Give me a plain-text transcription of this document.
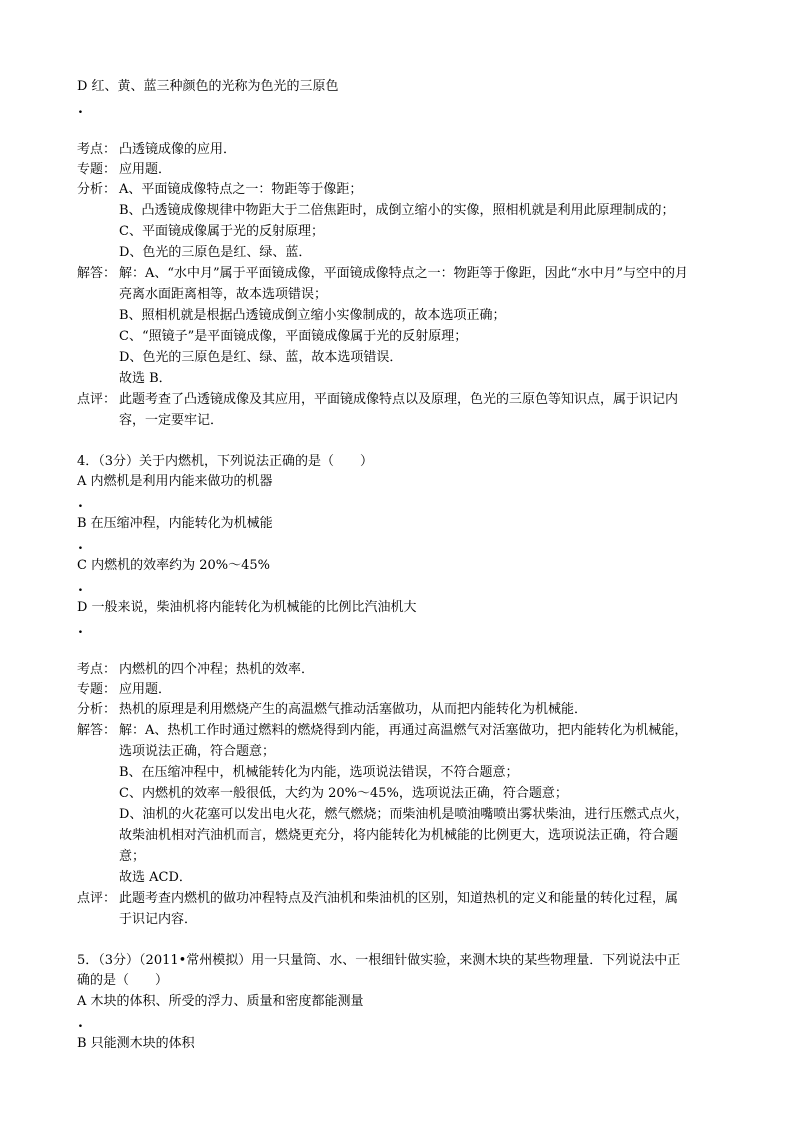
D 红、黄、蓝三种颜色的光称为色光的三原色
.
考点： 凸透镜成像的应用．
专题： 应用题．
分析： A、平面镜成像特点之一：物距等于像距；
B、凸透镜成像规律中物距大于二倍焦距时，成倒立缩小的实像，照相机就是利用此原理制成的；
C、平面镜成像属于光的反射原理；
D、色光的三原色是红、绿、蓝．
解答： 解：A、“水中月”属于平面镜成像，平面镜成像特点之一：物距等于像距，因此“水中月”与空中的月
亮离水面距离相等，故本选项错误；
B、照相机就是根据凸透镜成倒立缩小实像制成的，故本选项正确；
C、“照镜子”是平面镜成像，平面镜成像属于光的反射原理；
D、色光的三原色是红、绿、蓝，故本选项错误．
故选 B．
点评： 此题考查了凸透镜成像及其应用，平面镜成像特点以及原理，色光的三原色等知识点，属于识记内
容，一定要牢记．
4．（3分）关于内燃机，下列说法正确的是（　　）
A 内燃机是利用内能来做功的机器
.
B 在压缩冲程，内能转化为机械能
.
C 内燃机的效率约为 20%～45%
.
D 一般来说，柴油机将内能转化为机械能的比例比汽油机大
.
考点： 内燃机的四个冲程；热机的效率．
专题： 应用题．
分析： 热机的原理是利用燃烧产生的高温燃气推动活塞做功，从而把内能转化为机械能．
解答： 解：A、热机工作时通过燃料的燃烧得到内能，再通过高温燃气对活塞做功，把内能转化为机械能，
选项说法正确，符合题意；
B、在压缩冲程中，机械能转化为内能，选项说法错误，不符合题意；
C、内燃机的效率一般很低，大约为 20%～45%，选项说法正确，符合题意；
D、油机的火花塞可以发出电火花，燃气燃烧；而柴油机是喷油嘴喷出雾状柴油，进行压燃式点火，
故柴油机相对汽油机而言，燃烧更充分，将内能转化为机械能的比例更大，选项说法正确，符合题
意；
故选 ACD．
点评： 此题考查内燃机的做功冲程特点及汽油机和柴油机的区别，知道热机的定义和能量的转化过程，属
于识记内容．
5．（3分）（2011•常州模拟）用一只量筒、水、一根细针做实验，来测木块的某些物理量．下列说法中正
确的是（　　）
A 木块的体积、所受的浮力、质量和密度都能测量
.
B 只能测木块的体积
